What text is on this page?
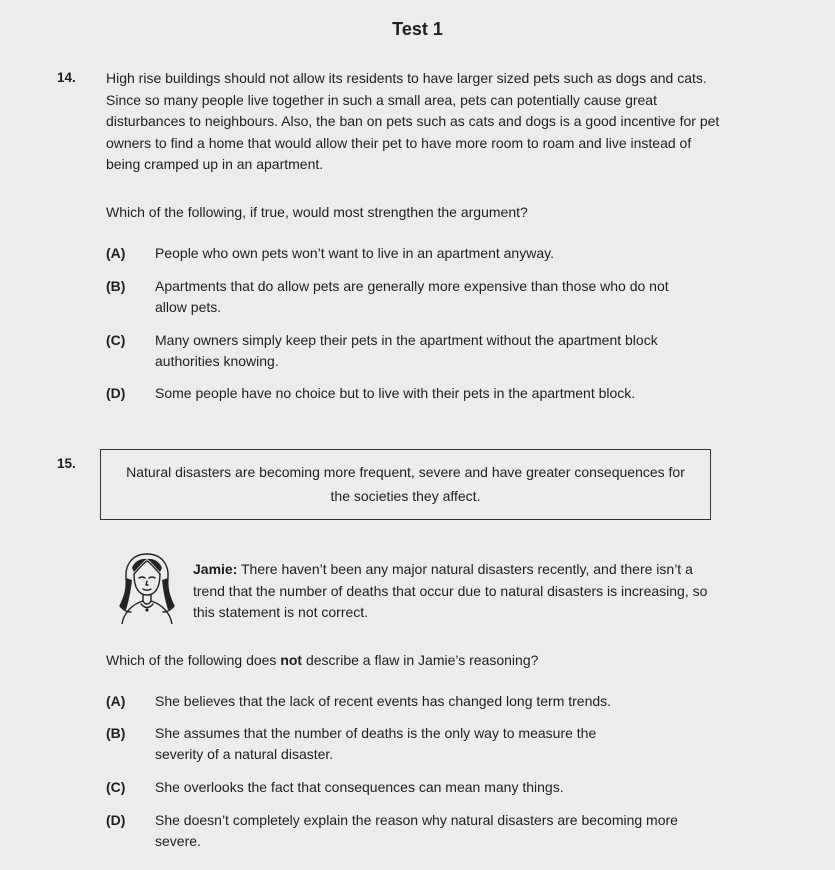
Test 1
14. High rise buildings should not allow its residents to have larger sized pets such as dogs and cats. Since so many people live together in such a small area, pets can potentially cause great disturbances to neighbours. Also, the ban on pets such as cats and dogs is a good incentive for pet owners to find a home that would allow their pet to have more room to roam and live instead of being cramped up in an apartment.
Which of the following, if true, would most strengthen the argument?
(A) People who own pets won’t want to live in an apartment anyway.
(B) Apartments that do allow pets are generally more expensive than those who do not allow pets.
(C) Many owners simply keep their pets in the apartment without the apartment block authorities knowing.
(D) Some people have no choice but to live with their pets in the apartment block.
15.
Natural disasters are becoming more frequent, severe and have greater consequences for the societies they affect.
Jamie: There haven’t been any major natural disasters recently, and there isn’t a trend that the number of deaths that occur due to natural disasters is increasing, so this statement is not correct.
Which of the following does not describe a flaw in Jamie’s reasoning?
(A) She believes that the lack of recent events has changed long term trends.
(B) She assumes that the number of deaths is the only way to measure the severity of a natural disaster.
(C) She overlooks the fact that consequences can mean many things.
(D) She doesn’t completely explain the reason why natural disasters are becoming more severe.
